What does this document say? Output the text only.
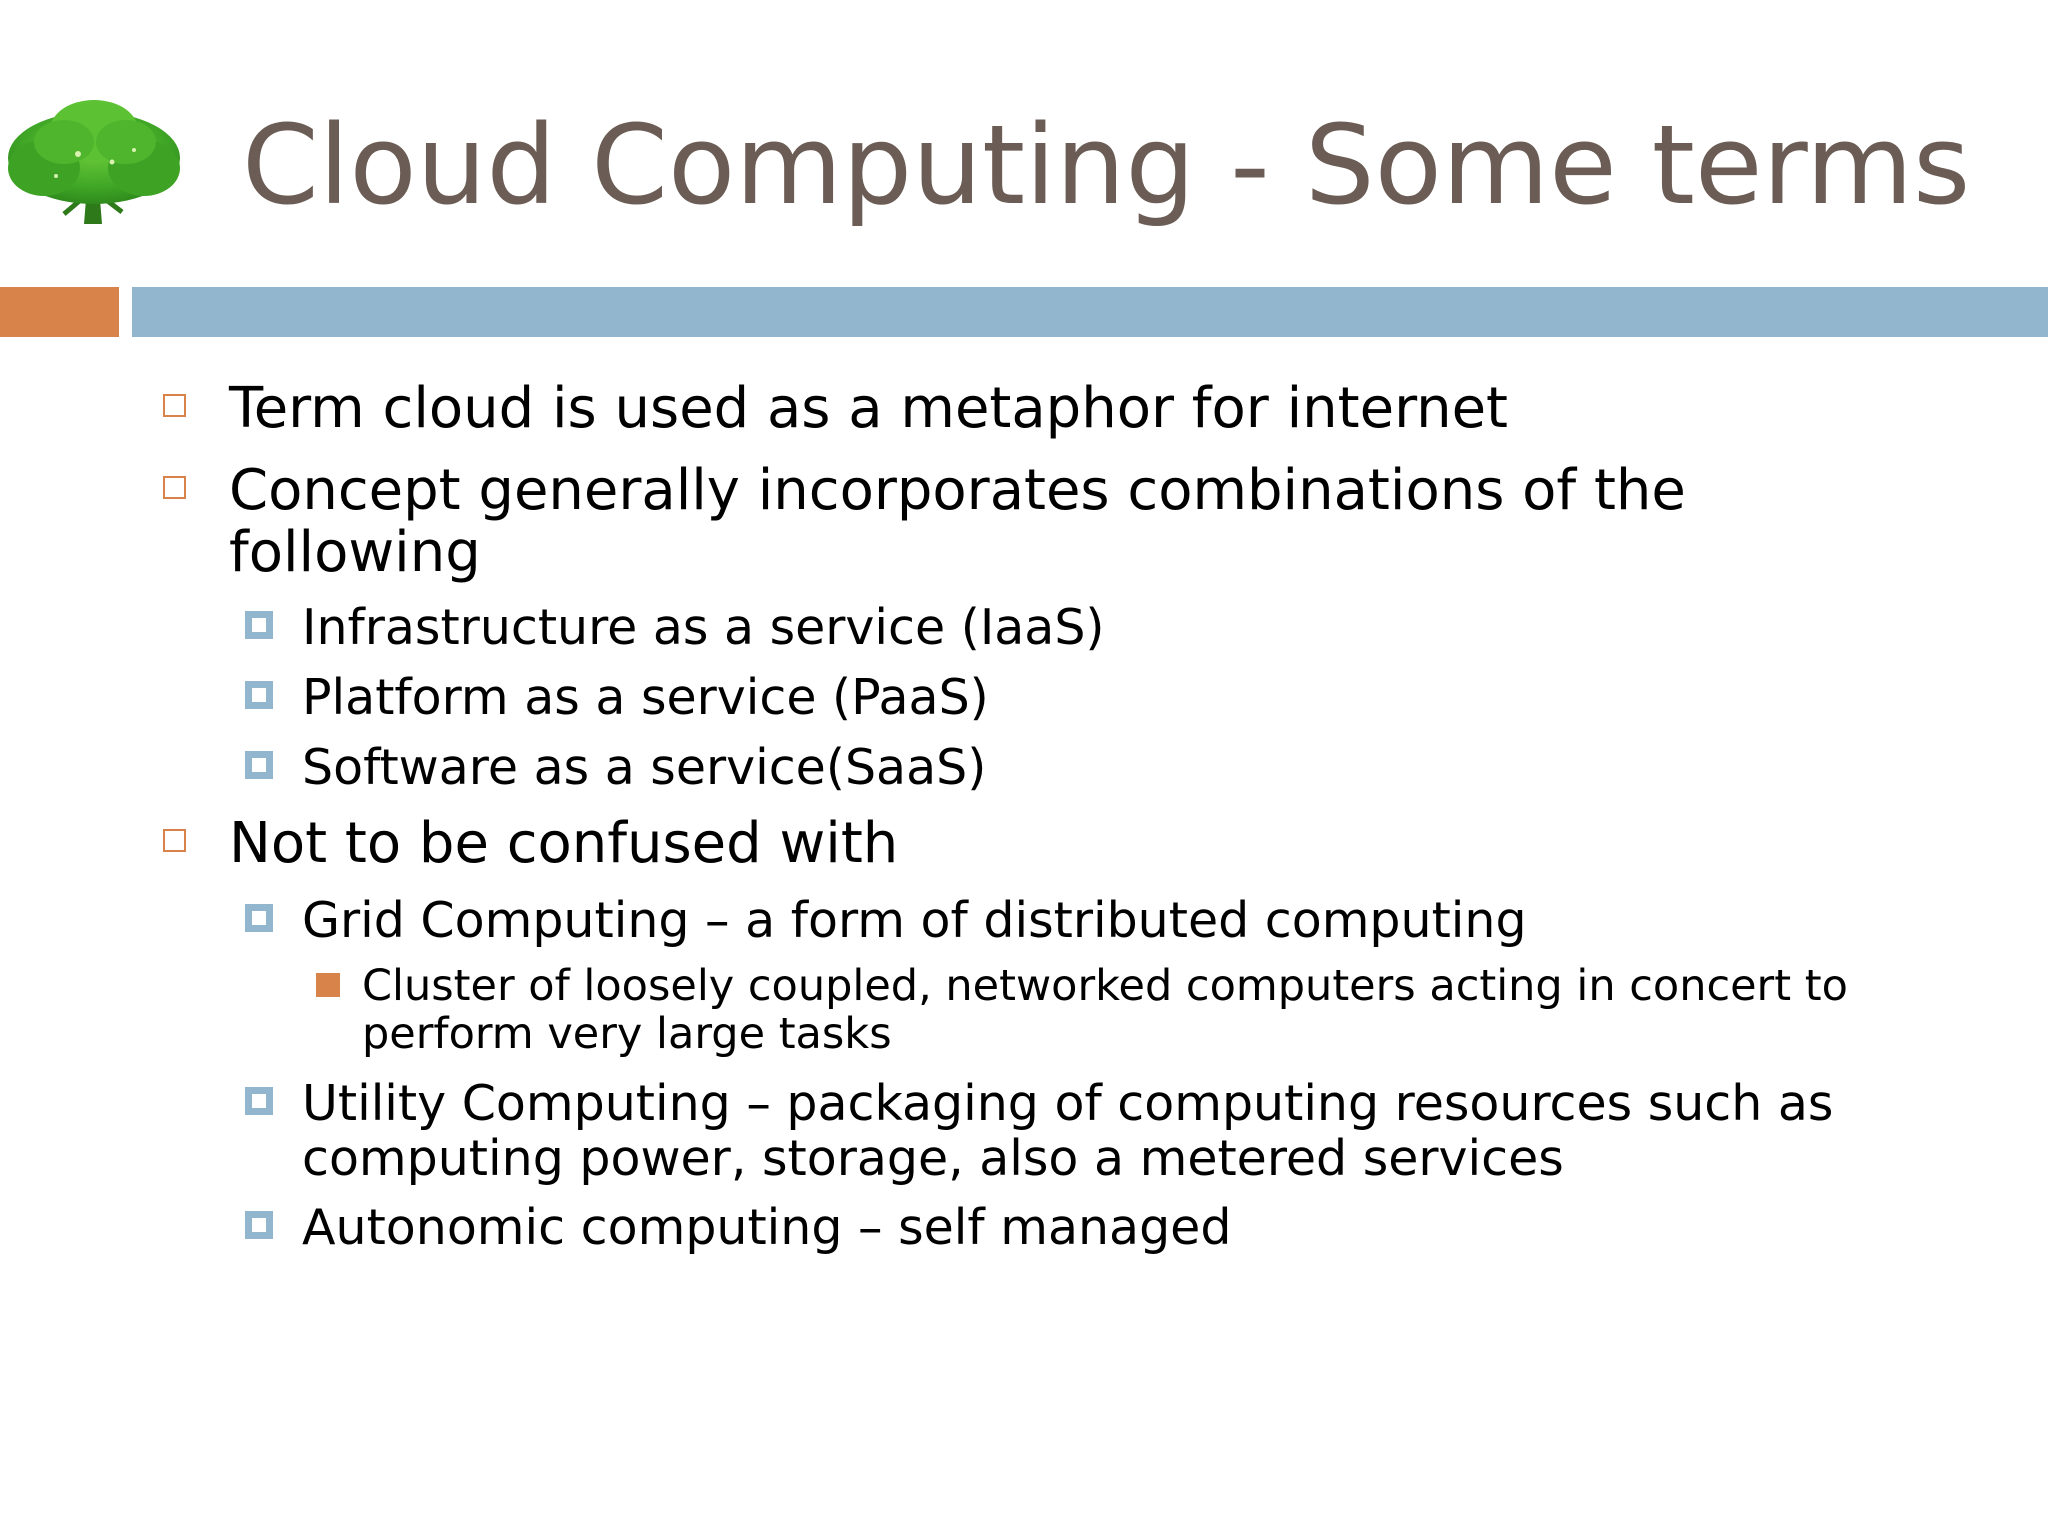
Cloud Computing - Some terms
Term cloud is used as a metaphor for internet
Concept generally incorporates combinations of the
following
Infrastructure as a service (IaaS)
Platform as a service (PaaS)
Software as a service(SaaS)
Not to be confused with
Grid Computing – a form of distributed computing
Cluster of loosely coupled, networked computers acting in concert to
perform very large tasks
Utility Computing – packaging of computing resources such as
computing power, storage, also a metered services
Autonomic computing – self managed
